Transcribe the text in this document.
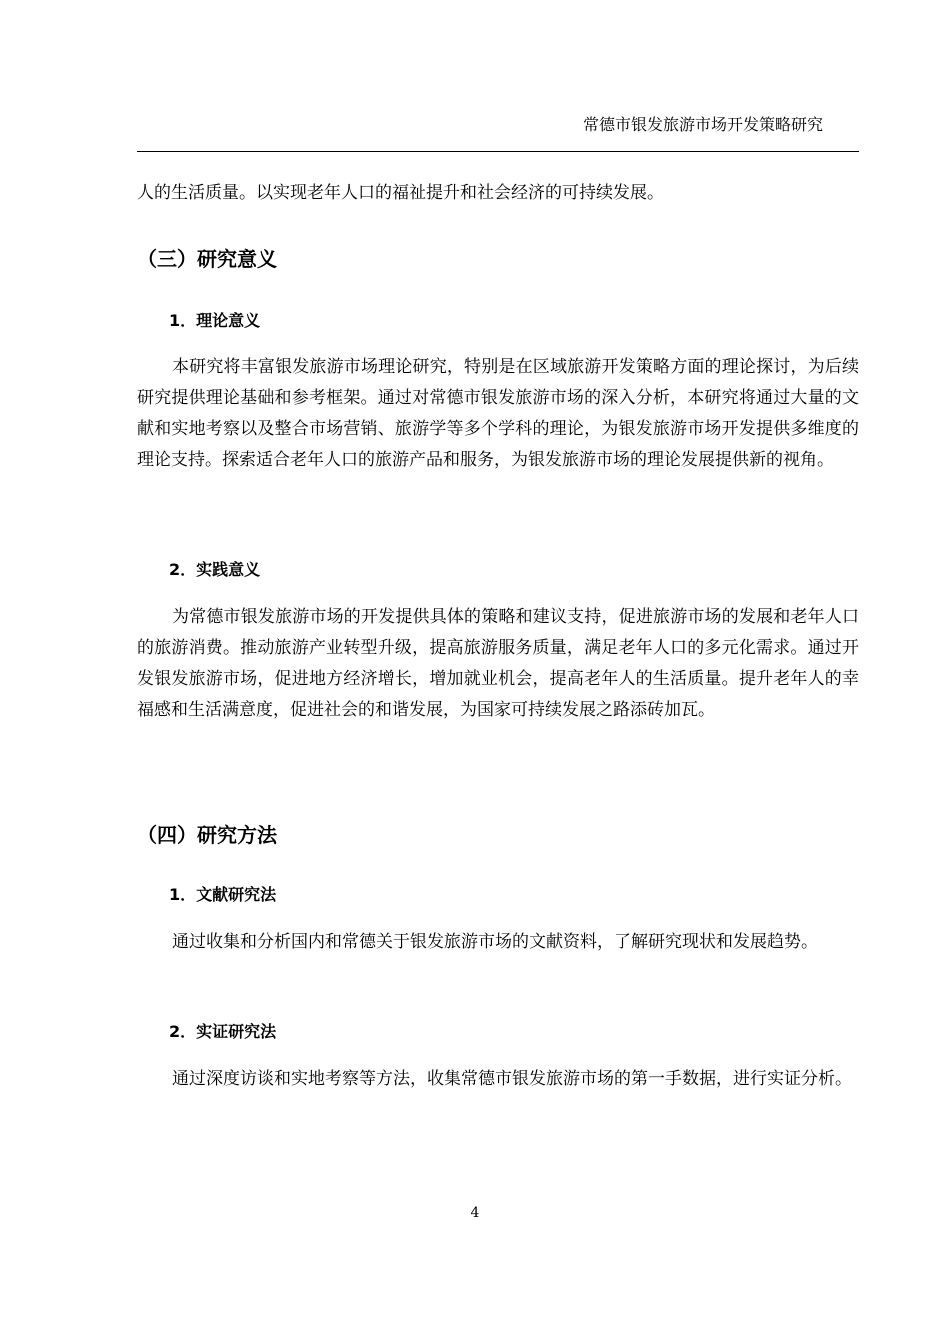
常德市银发旅游市场开发策略研究

人的生活质量。以实现老年人口的福祉提升和社会经济的可持续发展。

（三）研究意义
1．理论意义

本研究将丰富银发旅游市场理论研究，特别是在区域旅游开发策略方面的理论探讨，为后续研究提供理论基础和参考框架。通过对常德市银发旅游市场的深入分析，本研究将通过大量的文献和实地考察以及整合市场营销、旅游学等多个学科的理论，为银发旅游市场开发提供多维度的理论支持。探索适合老年人口的旅游产品和服务，为银发旅游市场的理论发展提供新的视角。

2．实践意义

为常德市银发旅游市场的开发提供具体的策略和建议支持，促进旅游市场的发展和老年人口的旅游消费。推动旅游产业转型升级，提高旅游服务质量，满足老年人口的多元化需求。通过开发银发旅游市场，促进地方经济增长，增加就业机会，提高老年人的生活质量。提升老年人的幸福感和生活满意度，促进社会的和谐发展，为国家可持续发展之路添砖加瓦。

（四）研究方法
1．文献研究法

通过收集和分析国内和常德关于银发旅游市场的文献资料，了解研究现状和发展趋势。

2．实证研究法

通过深度访谈和实地考察等方法，收集常德市银发旅游市场的第一手数据，进行实证分析。

4
